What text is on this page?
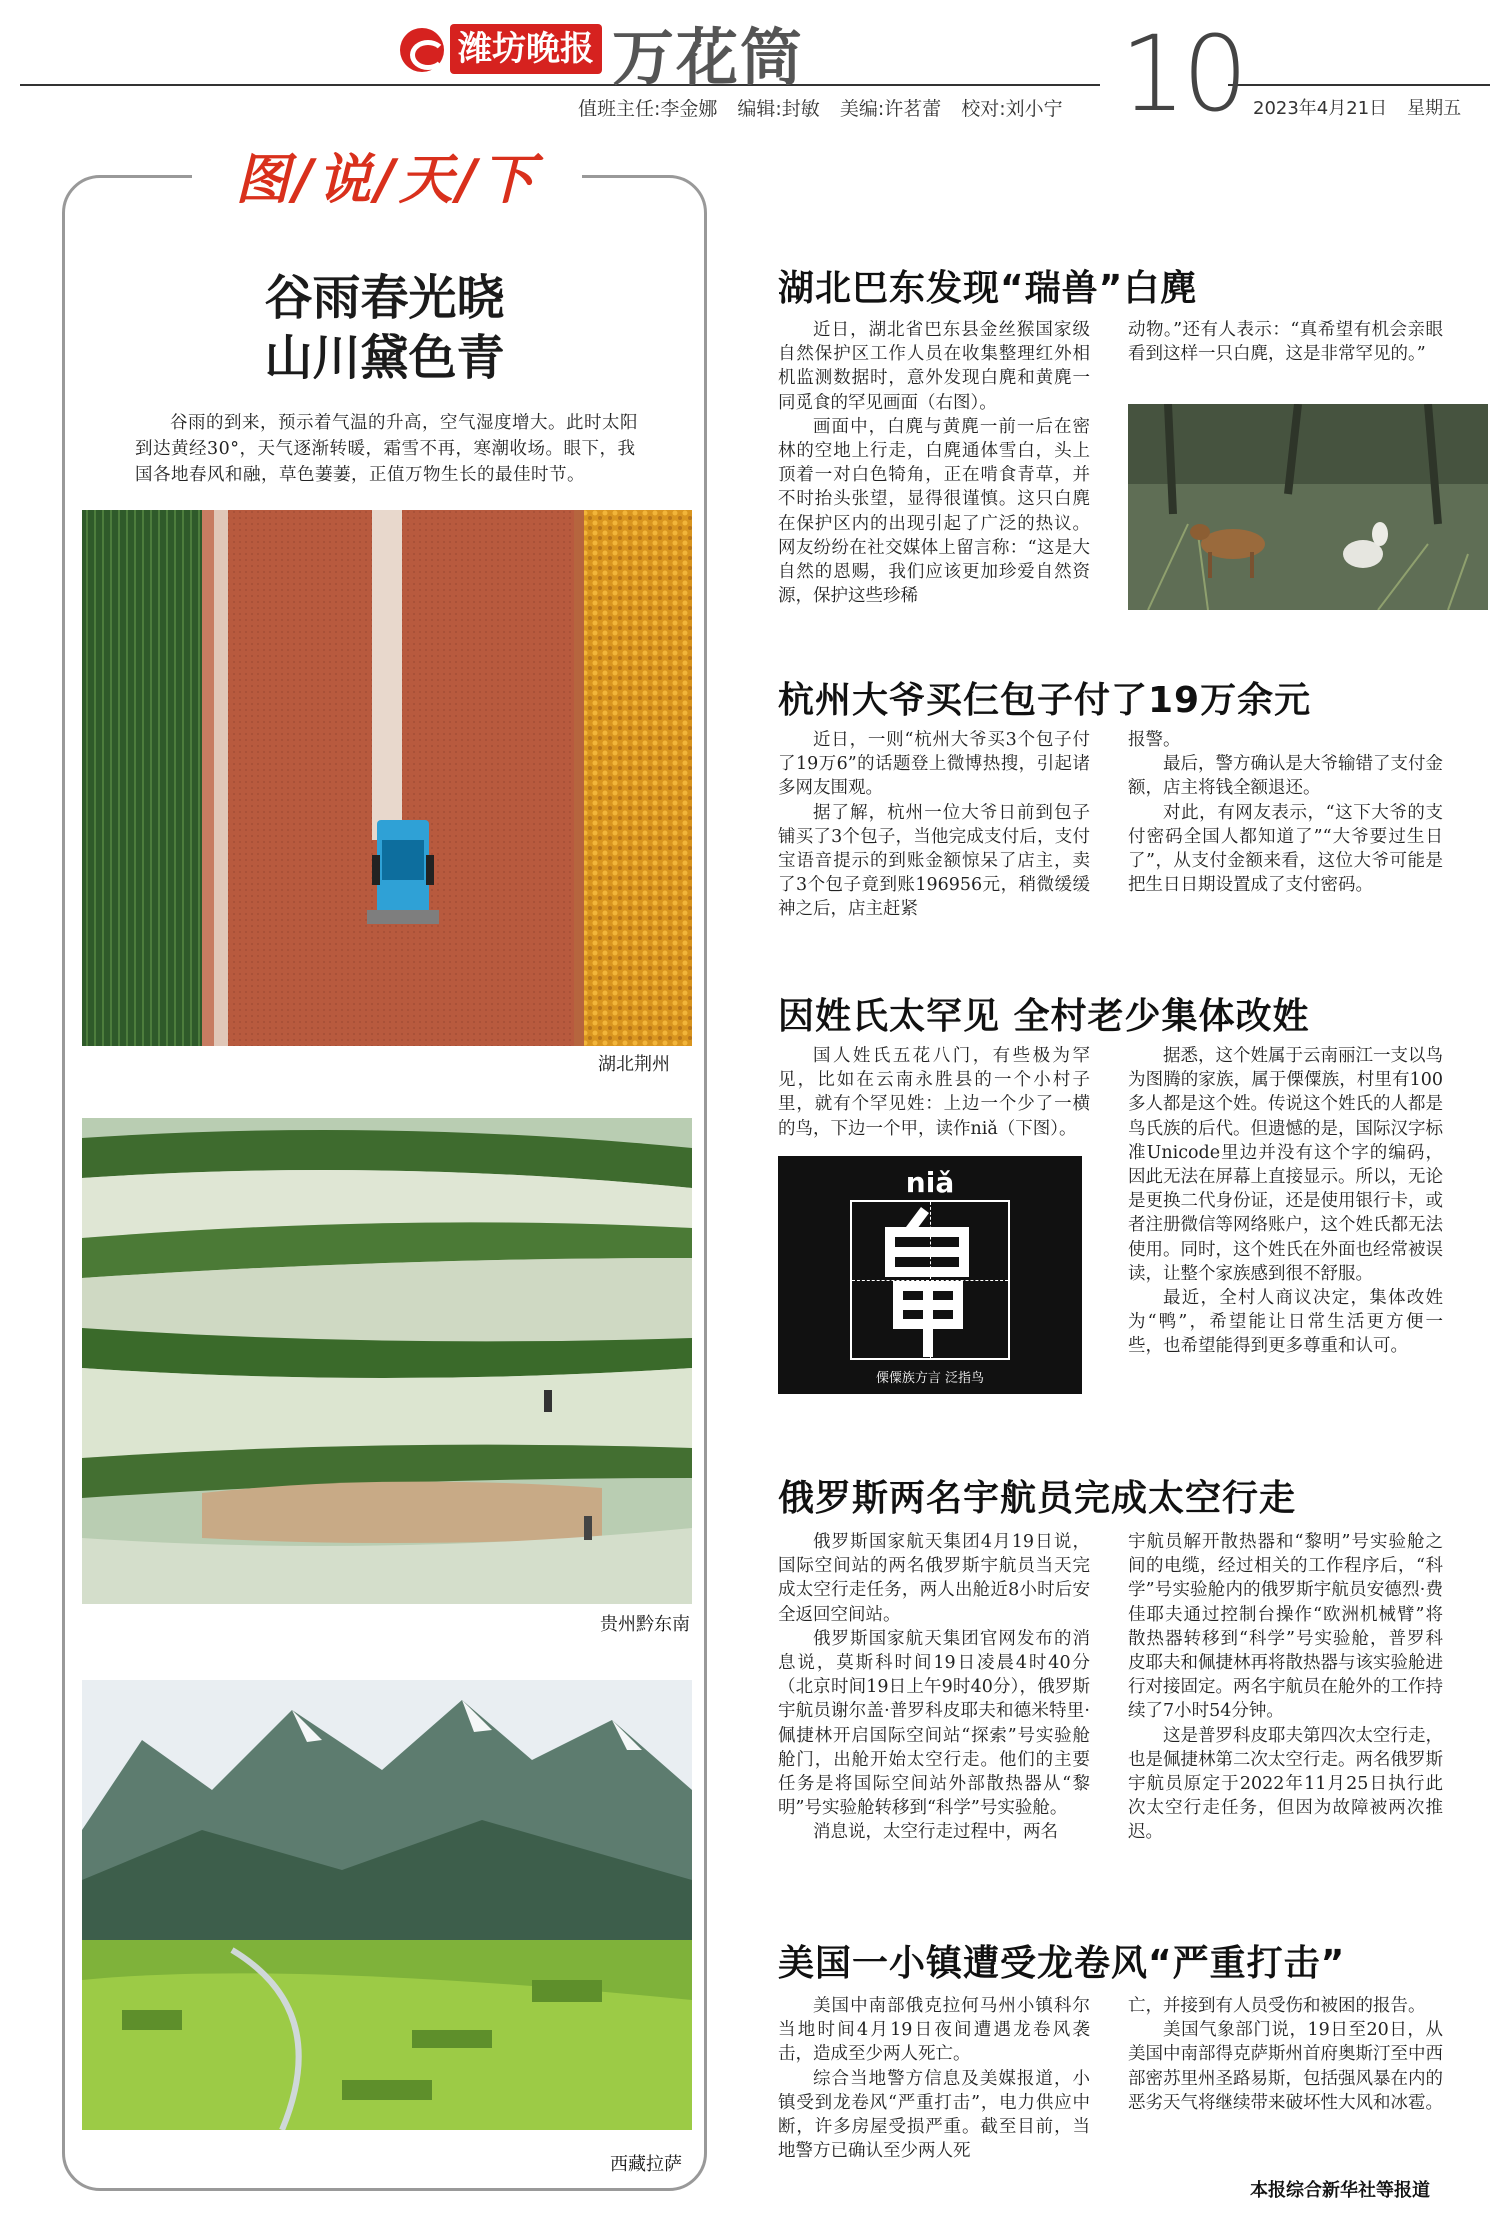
潍坊晚报 万花筒	10
值班主任:李金娜 编辑:封敏 美编:许茗蕾 校对:刘小宁	2023年4月21日 星期五
图/说/天/下
谷雨春光晓
山川黛色青
谷雨的到来，预示着气温的升高，空气湿度增大。此时太阳到达黄经30°，天气逐渐转暖，霜雪不再，寒潮收场。眼下，我国各地春风和融，草色萋萋，正值万物生长的最佳时节。
湖北荆州
贵州黔东南
西藏拉萨
湖北巴东发现“瑞兽”白麂

近日，湖北省巴东县金丝猴国家级自然保护区工作人员在收集整理红外相机监测数据时，意外发现白麂和黄麂一同觅食的罕见画面（右图）。

画面中，白麂与黄麂一前一后在密林的空地上行走，白麂通体雪白，头上顶着一对白色犄角，正在啃食青草，并不时抬头张望，显得很谨慎。这只白麂在保护区内的出现引起了广泛的热议。网友纷纷在社交媒体上留言称：“这是大自然的恩赐，我们应该更加珍爱自然资源，保护这些珍稀

动物。”还有人表示：“真希望有机会亲眼看到这样一只白麂，这是非常罕见的。”

杭州大爷买仨包子付了19万余元

近日，一则“杭州大爷买3个包子付了19万6”的话题登上微博热搜，引起诸多网友围观。

据了解，杭州一位大爷日前到包子铺买了3个包子，当他完成支付后，支付宝语音提示的到账金额惊呆了店主，卖了3个包子竟到账196956元，稍微缓缓神之后，店主赶紧

报警。

最后，警方确认是大爷输错了支付金额，店主将钱全额退还。

对此，有网友表示，“这下大爷的支付密码全国人都知道了”“大爷要过生日了”，从支付金额来看，这位大爷可能是把生日日期设置成了支付密码。

因姓氏太罕见 全村老少集体改姓

国人姓氏五花八门，有些极为罕见，比如在云南永胜县的一个小村子里，就有个罕见姓：上边一个少了一横的鸟，下边一个甲，读作niǎ（下图）。

niǎ
傈僳族方言 泛指鸟

据悉，这个姓属于云南丽江一支以鸟为图腾的家族，属于傈僳族，村里有100多人都是这个姓。传说这个姓氏的人都是鸟氏族的后代。但遗憾的是，国际汉字标准Unicode里边并没有这个字的编码，因此无法在屏幕上直接显示。所以，无论是更换二代身份证，还是使用银行卡，或者注册微信等网络账户，这个姓氏都无法使用。同时，这个姓氏在外面也经常被误读，让整个家族感到很不舒服。

最近，全村人商议决定，集体改姓为“鸭”，希望能让日常生活更方便一些，也希望能得到更多尊重和认可。

俄罗斯两名宇航员完成太空行走

俄罗斯国家航天集团4月19日说，国际空间站的两名俄罗斯宇航员当天完成太空行走任务，两人出舱近8小时后安全返回空间站。

俄罗斯国家航天集团官网发布的消息说，莫斯科时间19日凌晨4时40分（北京时间19日上午9时40分），俄罗斯宇航员谢尔盖·普罗科皮耶夫和德米特里·佩捷林开启国际空间站“探索”号实验舱舱门，出舱开始太空行走。他们的主要任务是将国际空间站外部散热器从“黎明”号实验舱转移到“科学”号实验舱。

消息说，太空行走过程中，两名

宇航员解开散热器和“黎明”号实验舱之间的电缆，经过相关的工作程序后，“科学”号实验舱内的俄罗斯宇航员安德烈·费佳耶夫通过控制台操作“欧洲机械臂”将散热器转移到“科学”号实验舱，普罗科皮耶夫和佩捷林再将散热器与该实验舱进行对接固定。两名宇航员在舱外的工作持续了7小时54分钟。

这是普罗科皮耶夫第四次太空行走，也是佩捷林第二次太空行走。两名俄罗斯宇航员原定于2022年11月25日执行此次太空行走任务，但因为故障被两次推迟。

美国一小镇遭受龙卷风“严重打击”

美国中南部俄克拉何马州小镇科尔当地时间4月19日夜间遭遇龙卷风袭击，造成至少两人死亡。

综合当地警方信息及美媒报道，小镇受到龙卷风“严重打击”，电力供应中断，许多房屋受损严重。截至目前，当地警方已确认至少两人死

亡，并接到有人员受伤和被困的报告。

美国气象部门说，19日至20日，从美国中南部得克萨斯州首府奥斯汀至中西部密苏里州圣路易斯，包括强风暴在内的恶劣天气将继续带来破坏性大风和冰雹。

本报综合新华社等报道
